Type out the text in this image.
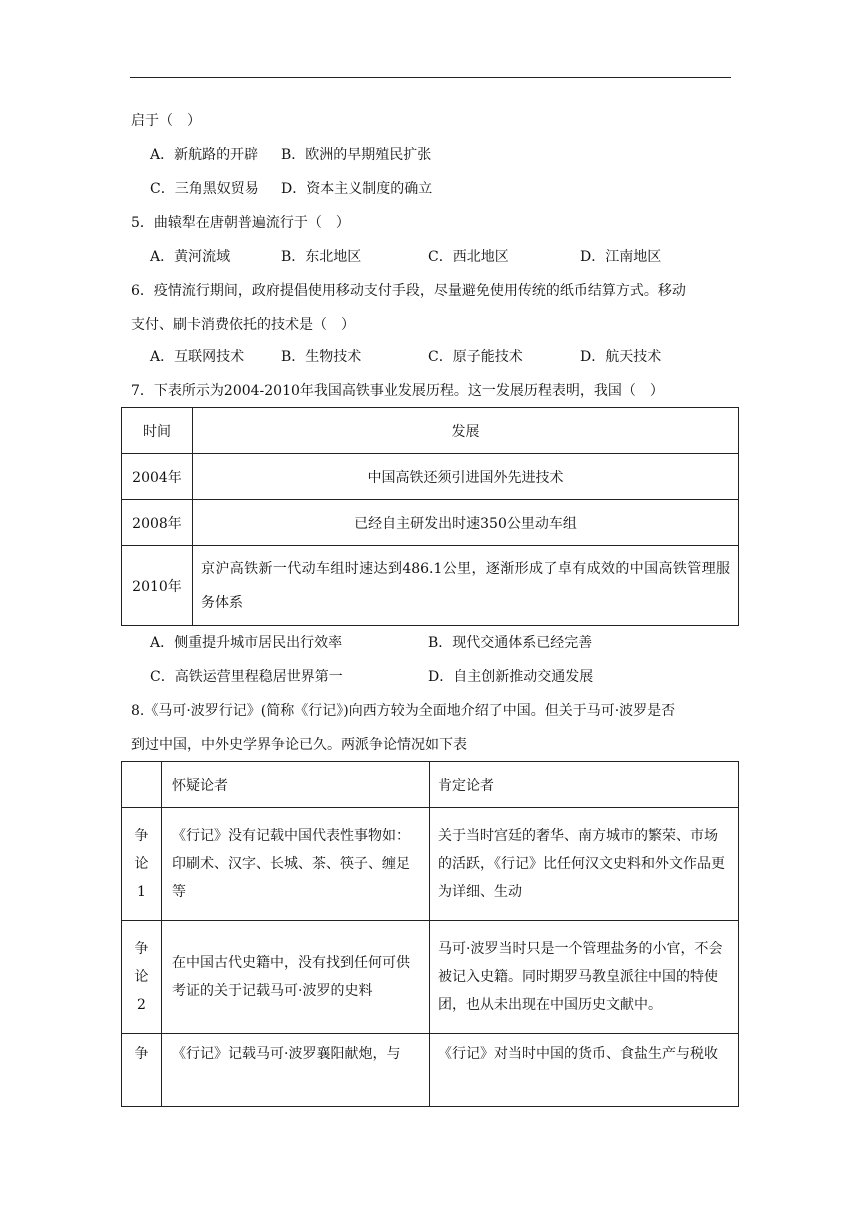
启于（　）
A．新航路的开辟 B．欧洲的早期殖民扩张
C．三角黑奴贸易 D．资本主义制度的确立
5．曲辕犁在唐朝普遍流行于（　）
A．黄河流域	B．东北地区	C．西北地区	D．江南地区
6．疫情流行期间，政府提倡使用移动支付手段，尽量避免使用传统的纸币结算方式。移动
支付、刷卡消费依托的技术是（　）
A．互联网技术	B．生物技术	C．原子能技术	D．航天技术
7．下表所示为2004-2010年我国高铁事业发展历程。这一发展历程表明，我国（　）
时间	发展
2004年	中国高铁还须引进国外先进技术
2008年	已经自主研发出时速350公里动车组
2010年	京沪高铁新一代动车组时速达到486.1公里，逐渐形成了卓有成效的中国高铁管理服务体系
A．侧重提升城市居民出行效率	B．现代交通体系已经完善
C．高铁运营里程稳居世界第一	D．自主创新推动交通发展
8.《马可·波罗行记》(简称《行记》)向西方较为全面地介绍了中国。但关于马可·波罗是否
到过中国，中外史学界争论已久。两派争论情况如下表
	怀疑论者	肯定论者

争论1	《行记》没有记载中国代表性事物如：印刷术、汉字、长城、茶、筷子、缠足等	关于当时宫廷的奢华、南方城市的繁荣、市场的活跃，《行记》比任何汉文史料和外文作品更为详细、生动

争论2	在中国古代史籍中，没有找到任何可供考证的关于记载马可·波罗的史料	马可·波罗当时只是一个管理盐务的小官，不会被记入史籍。同时期罗马教皇派往中国的特使团，也从未出现在中国历史文献中。

争	《行记》记载马可·波罗襄阳献炮，与	《行记》对当时中国的货币、食盐生产与税收
